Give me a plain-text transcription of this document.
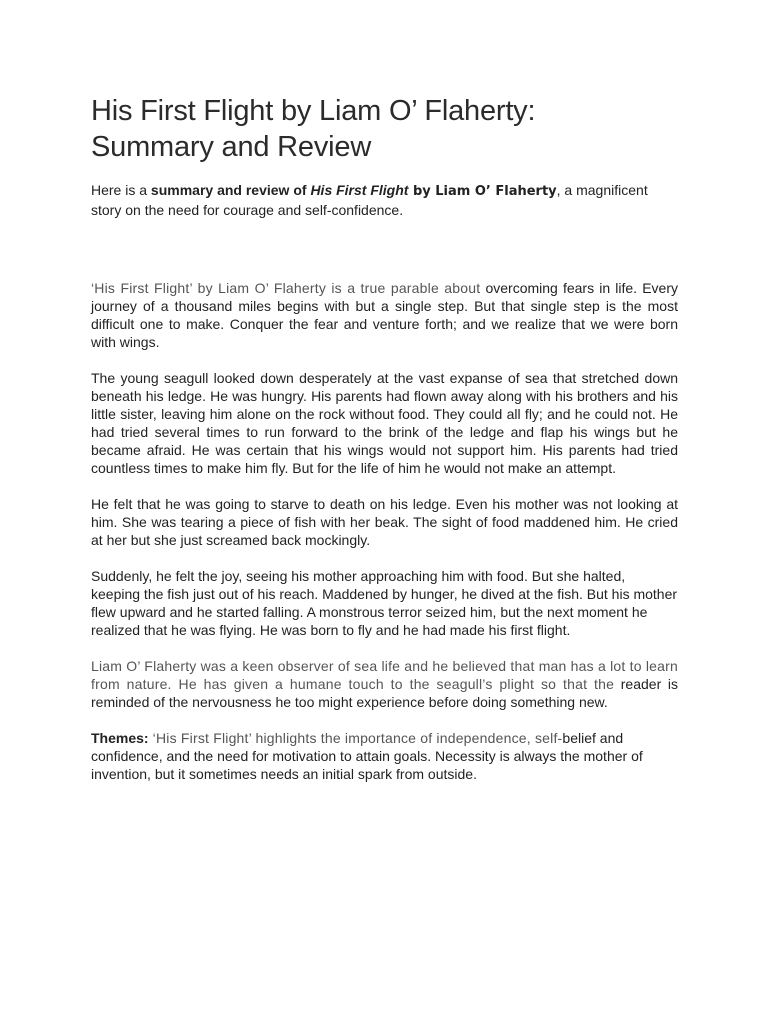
His First Flight by Liam O’ Flaherty:
Summary and Review

Here is a summary and review of His First Flight by Liam O’ Flaherty, a magnificent story on the need for courage and self-confidence.

‘His First Flight’ by Liam O’ Flaherty is a true parable about overcoming fears in life. Every journey of a thousand miles begins with but a single step. But that single step is the most difficult one to make. Conquer the fear and venture forth; and we realize that we were born with wings.

The young seagull looked down desperately at the vast expanse of sea that stretched down beneath his ledge. He was hungry. His parents had flown away along with his brothers and his little sister, leaving him alone on the rock without food. They could all fly; and he could not. He had tried several times to run forward to the brink of the ledge and flap his wings but he became afraid. He was certain that his wings would not support him. His parents had tried countless times to make him fly. But for the life of him he would not make an attempt.

He felt that he was going to starve to death on his ledge. Even his mother was not looking at him. She was tearing a piece of fish with her beak. The sight of food maddened him. He cried at her but she just screamed back mockingly.

Suddenly, he felt the joy, seeing his mother approaching him with food. But she halted, keeping the fish just out of his reach. Maddened by hunger, he dived at the fish. But his mother flew upward and he started falling. A monstrous terror seized him, but the next moment he realized that he was flying. He was born to fly and he had made his first flight.

Liam O’ Flaherty was a keen observer of sea life and he believed that man has a lot to learn from nature. He has given a humane touch to the seagull’s plight so that the reader is reminded of the nervousness he too might experience before doing something new.

Themes: ‘His First Flight’ highlights the importance of independence, self-belief and confidence, and the need for motivation to attain goals. Necessity is always the mother of invention, but it sometimes needs an initial spark from outside.
